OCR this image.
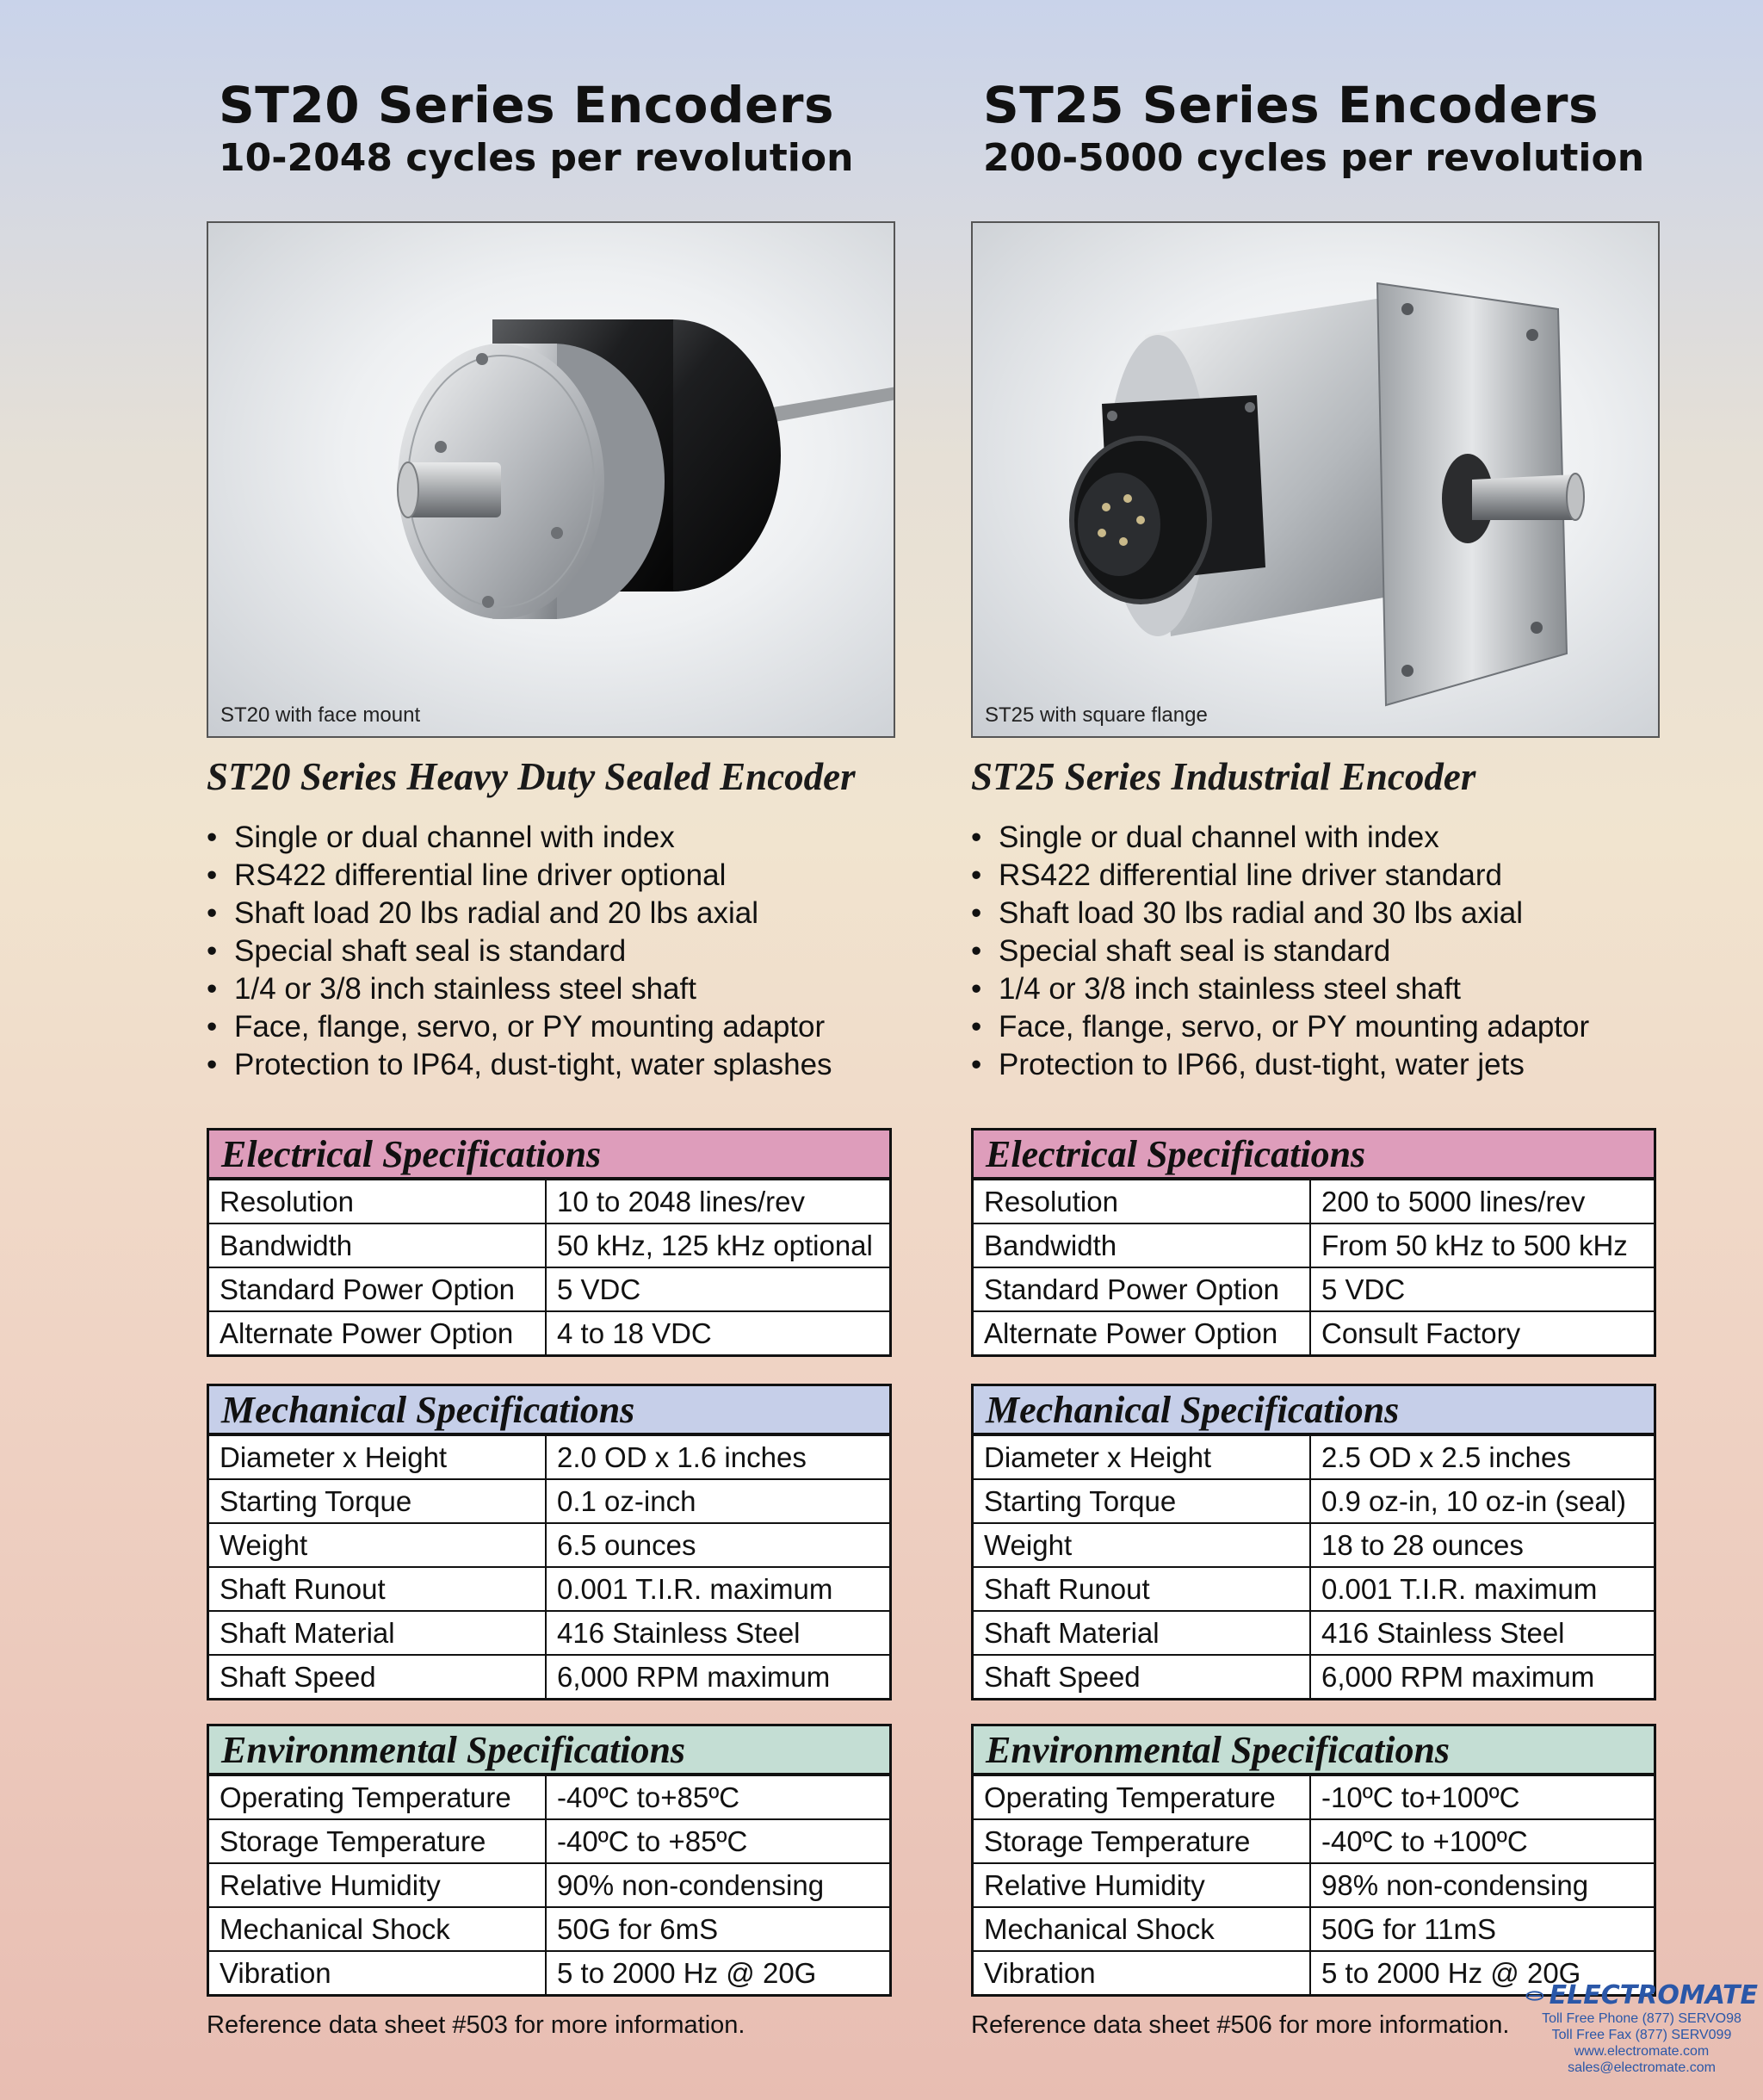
ST20 Series Encoders
10-2048 cycles per revolution
ST20 with face mount
ST20 Series Heavy Duty Sealed Encoder
• Single or dual channel with index
• RS422 differential line driver optional
• Shaft load 20 lbs radial and 20 lbs axial
• Special shaft seal is standard
• 1/4 or 3/8 inch stainless steel shaft
• Face, flange, servo, or PY mounting adaptor
• Protection to IP64, dust-tight, water splashes
Electrical Specifications
Resolution	10 to 2048 lines/rev
Bandwidth	50 kHz, 125 kHz optional
Standard Power Option	5 VDC
Alternate Power Option	4 to 18 VDC
Mechanical Specifications
Diameter x Height	2.0 OD x 1.6 inches
Starting Torque	0.1 oz-inch
Weight	6.5 ounces
Shaft Runout	0.001 T.I.R. maximum
Shaft Material	416 Stainless Steel
Shaft Speed	6,000 RPM maximum
Environmental Specifications
Operating Temperature	-40ºC to+85ºC
Storage Temperature	-40ºC to +85ºC
Relative Humidity	90% non-condensing
Mechanical Shock	50G for 6mS
Vibration	5 to 2000 Hz @ 20G
Reference data sheet #503 for more information.
ST25 Series Encoders
200-5000 cycles per revolution
ST25 with square flange
ST25 Series Industrial Encoder
• Single or dual channel with index
• RS422 differential line driver standard
• Shaft load 30 lbs radial and 30 lbs axial
• Special shaft seal is standard
• 1/4 or 3/8 inch stainless steel shaft
• Face, flange, servo, or PY mounting adaptor
• Protection to IP66, dust-tight, water jets
Electrical Specifications
Resolution	200 to 5000 lines/rev
Bandwidth	From 50 kHz to 500 kHz
Standard Power Option	5 VDC
Alternate Power Option	Consult Factory
Mechanical Specifications
Diameter x Height	2.5 OD x 2.5 inches
Starting Torque	0.9 oz-in, 10 oz-in (seal)
Weight	18 to 28 ounces
Shaft Runout	0.001 T.I.R. maximum
Shaft Material	416 Stainless Steel
Shaft Speed	6,000 RPM maximum
Environmental Specifications
Operating Temperature	-10ºC to+100ºC
Storage Temperature	-40ºC to +100ºC
Relative Humidity	98% non-condensing
Mechanical Shock	50G for 11mS
Vibration	5 to 2000 Hz @ 20G
Reference data sheet #506 for more information.
ELECTROMATE
Toll Free Phone (877) SERVO98
Toll Free Fax (877) SERV099
www.electromate.com
sales@electromate.com
